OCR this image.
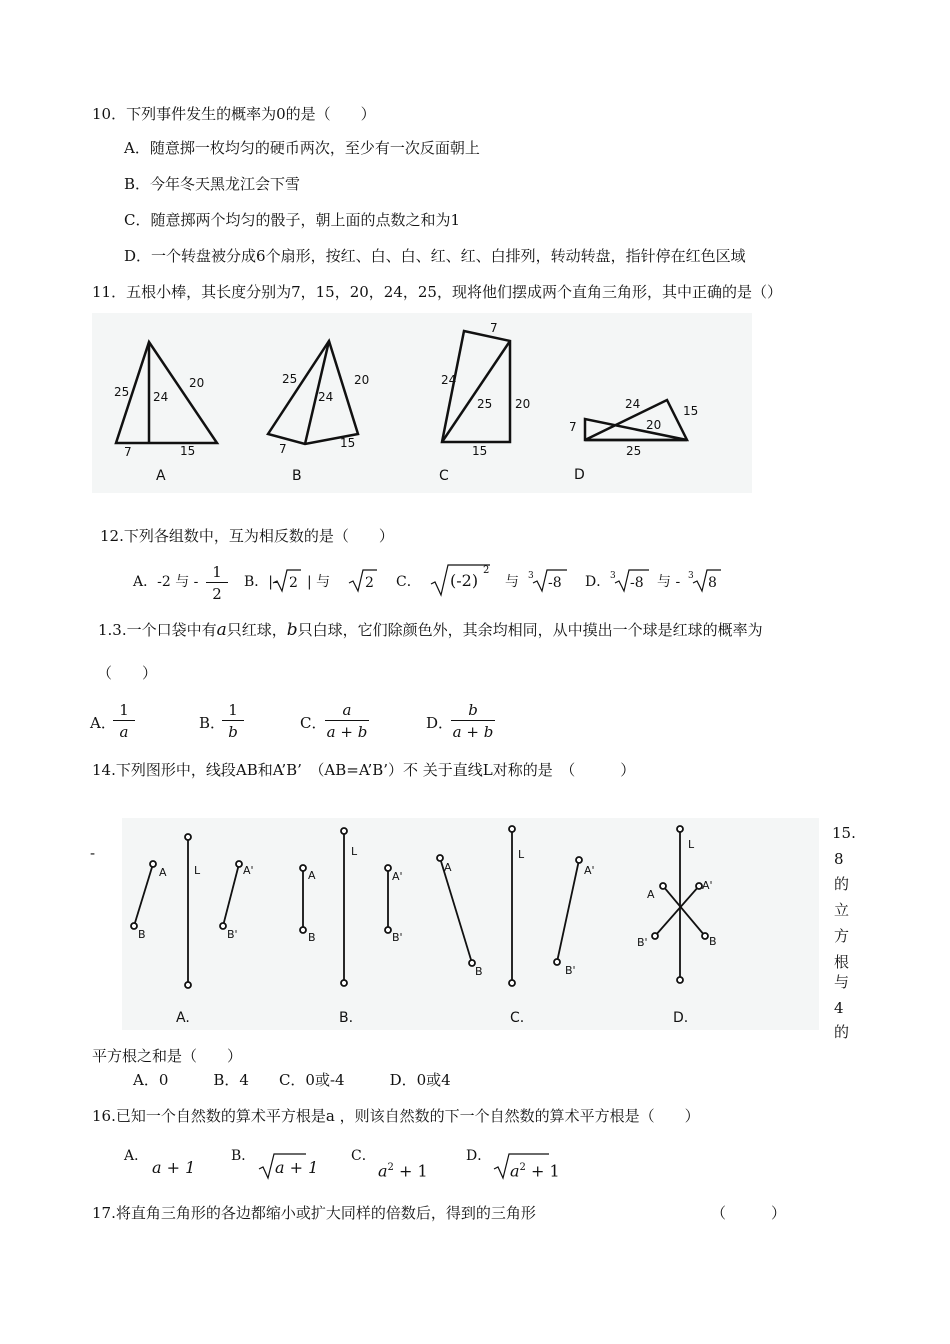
10．下列事件发生的概率为0的是（　　）
A．随意掷一枚均匀的硬币两次，至少有一次反面朝上
B．今年冬天黑龙江会下雪
C．随意掷两个均匀的骰子，朝上面的点数之和为1
D．一个转盘被分成6个扇形，按红、白、白、红、红、白排列，转动转盘，指针停在红色区域
11．五根小棒，其长度分别为7，15，20，24，25，现将他们摆成两个直角三角形，其中正确的是（）
25 24
20
7	15
A
25
24
20
7	15
B
7
24
25 20
15
C
24	15
7	20
25
D
12.下列各组数中，互为相反数的是（　　）
A．-2 与 - $\frac{1}{2}$ B．|- 2 | 与 2 C． (-2)
2
与 3 -8 D． 3 -8 与 - 3 8
1.3.一个口袋中有a只红球，b只白球，它们除颜色外，其余均相同，从中摸出一个球是红球的概率为
（　　）
A．
$\frac{1}{a}$	B．
$\frac{1}{b}$	C．
$\frac{a}{a + b}$	D．
$\frac{b}{a + b}$
14.下列图形中，线段AB和A’B’　（AB=A’B’）不 关于直线L对称的是　（　　　）
-
A
B
L	A'
B'
A
B
L
A'
B'
A
B
L
A'
B'
A
B
L
A'
B'
A.	B.	C.	D.
15.
8
的
立
方
根
与
4
的
平方根之和是（　　）
A．0　　　B．4　　C．0或-4　　　D．0或4
16.已知一个自然数的算术平方根是a ，则该自然数的下一个自然数的算术平方根是（　　）
A．
a + 1
B．
a + 1
C．
$a^2 + 1$
D．
$a^2 + 1$
17.将直角三角形的各边都缩小或扩大同样的倍数后，得到的三角形	（　　　）
